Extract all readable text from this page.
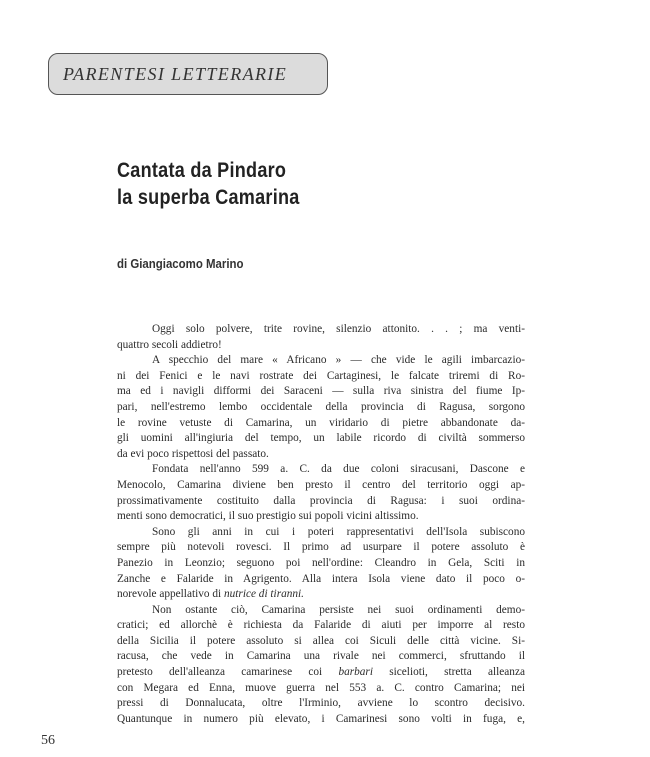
PARENTESI LETTERARIE
Cantata da Pindaro
la superba Camarina

di Giangiacomo Marino

Oggi solo polvere, trite rovine, silenzio attonito. . . ; ma venti-
quattro secoli addietro!
A specchio del mare « Africano » — che vide le agili imbarcazio-
ni dei Fenici e le navi rostrate dei Cartaginesi, le falcate triremi di Ro-
ma ed i navigli difformi dei Saraceni — sulla riva sinistra del fiume Ip-
pari, nell'estremo lembo occidentale della provincia di Ragusa, sorgono
le rovine vetuste di Camarina, un viridario di pietre abbandonate da-
gli uomini all'ingiuria del tempo, un labile ricordo di civiltà sommerso
da evi poco rispettosi del passato.
Fondata nell'anno 599 a. C. da due coloni siracusani, Dascone e
Menocolo, Camarina diviene ben presto il centro del territorio oggi ap-
prossimativamente costituito dalla provincia di Ragusa: i suoi ordina-
menti sono democratici, il suo prestigio sui popoli vicini altissimo.
Sono gli anni in cui i poteri rappresentativi dell'Isola subiscono
sempre più notevoli rovesci. Il primo ad usurpare il potere assoluto è
Panezio in Leonzio; seguono poi nell'ordine: Cleandro in Gela, Sciti in
Zanche e Falaride in Agrigento. Alla intera Isola viene dato il poco o-
norevole appellativo di nutrice di tiranni.
Non ostante ciò, Camarina persiste nei suoi ordinamenti demo-
cratici; ed allorchè è richiesta da Falaride di aiuti per imporre al resto
della Sicilia il potere assoluto si allea coi Siculi delle città vicine. Si-
racusa, che vede in Camarina una rivale nei commerci, sfruttando il
pretesto dell'alleanza camarinese coi barbari sicelioti, stretta alleanza
con Megara ed Enna, muove guerra nel 553 a. C. contro Camarina; nei
pressi di Donnalucata, oltre l'Irminio, avviene lo scontro decisivo.
Quantunque in numero più elevato, i Camarinesi sono volti in fuga, e,
56
